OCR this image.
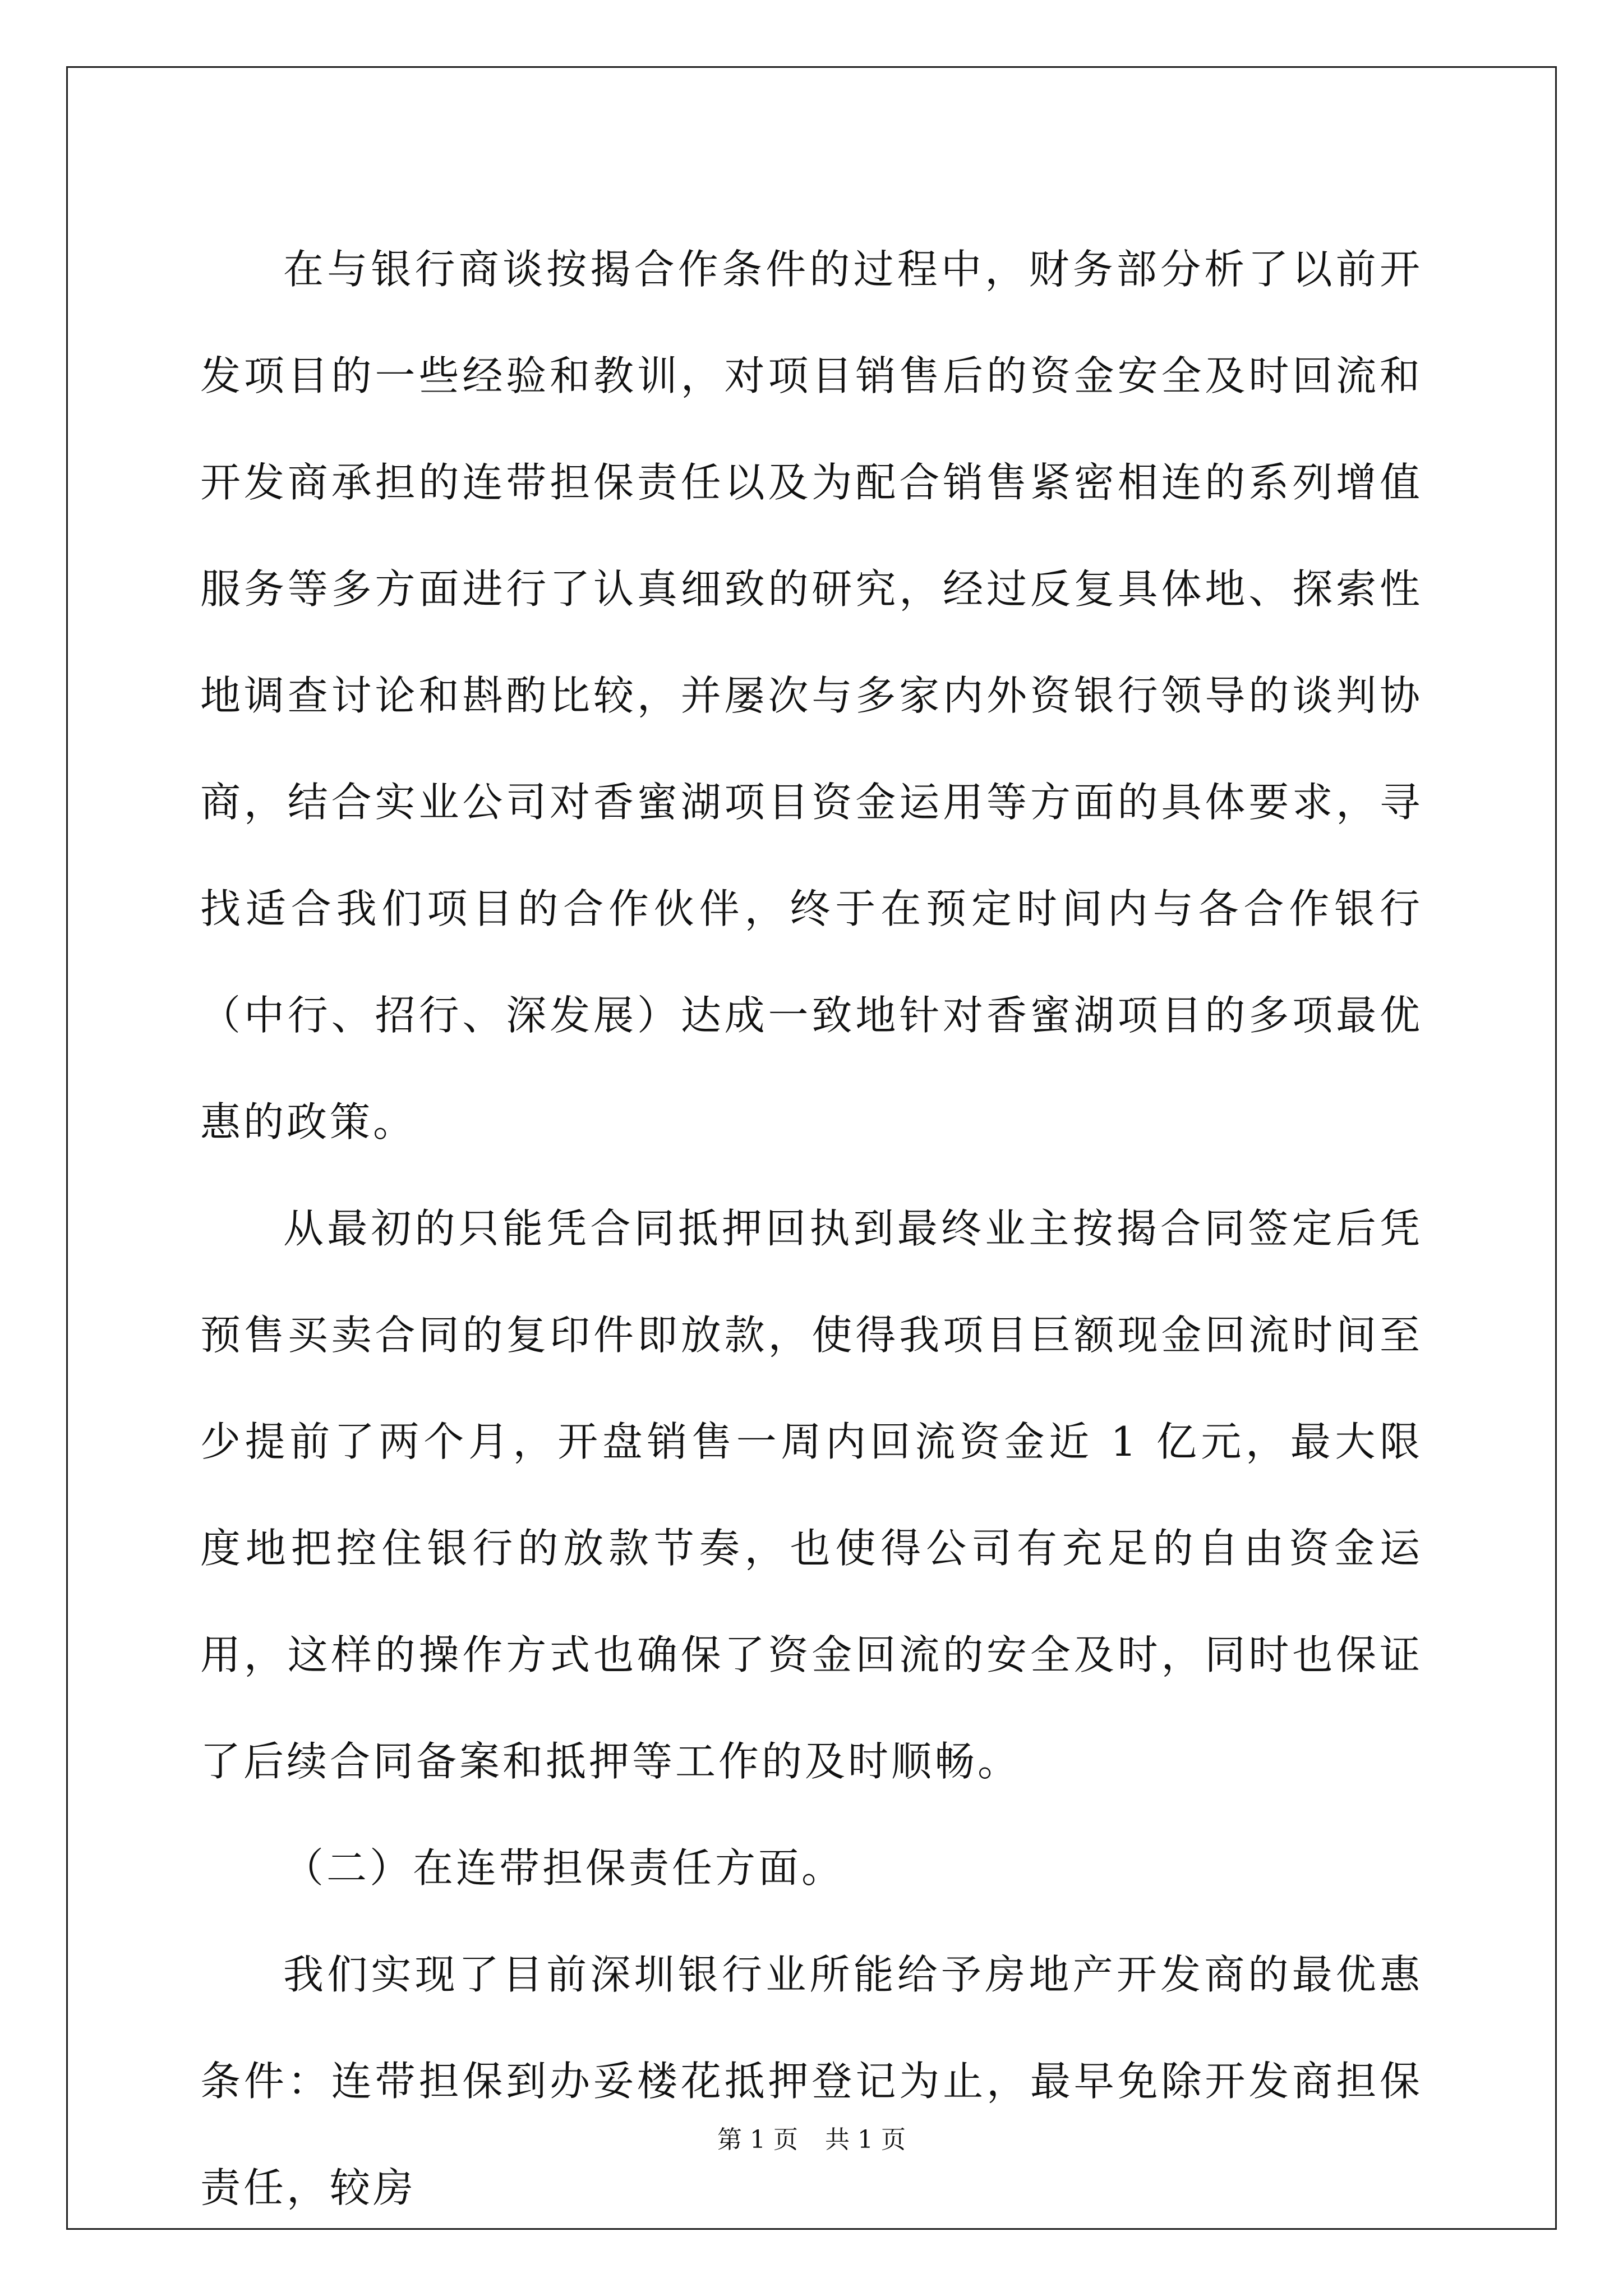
在与银行商谈按揭合作条件的过程中，财务部分析了以前开发项目的一些经验和教训，对项目销售后的资金安全及时回流和开发商承担的连带担保责任以及为配合销售紧密相连的系列增值服务等多方面进行了认真细致的研究，经过反复具体地、探索性地调查讨论和斟酌比较，并屡次与多家内外资银行领导的谈判协商，结合实业公司对香蜜湖项目资金运用等方面的具体要求，寻找适合我们项目的合作伙伴，终于在预定时间内与各合作银行（中行、招行、深发展）达成一致地针对香蜜湖项目的多项最优惠的政策。

从最初的只能凭合同抵押回执到最终业主按揭合同签定后凭预售买卖合同的复印件即放款，使得我项目巨额现金回流时间至少提前了两个月，开盘销售一周内回流资金近 1 亿元，最大限度地把控住银行的放款节奏，也使得公司有充足的自由资金运用，这样的操作方式也确保了资金回流的安全及时，同时也保证了后续合同备案和抵押等工作的及时顺畅。

（二）在连带担保责任方面。

我们实现了目前深圳银行业所能给予房地产开发商的最优惠条件：连带担保到办妥楼花抵押登记为止，最早免除开发商担保责任，较房

第 1 页 共 1 页
